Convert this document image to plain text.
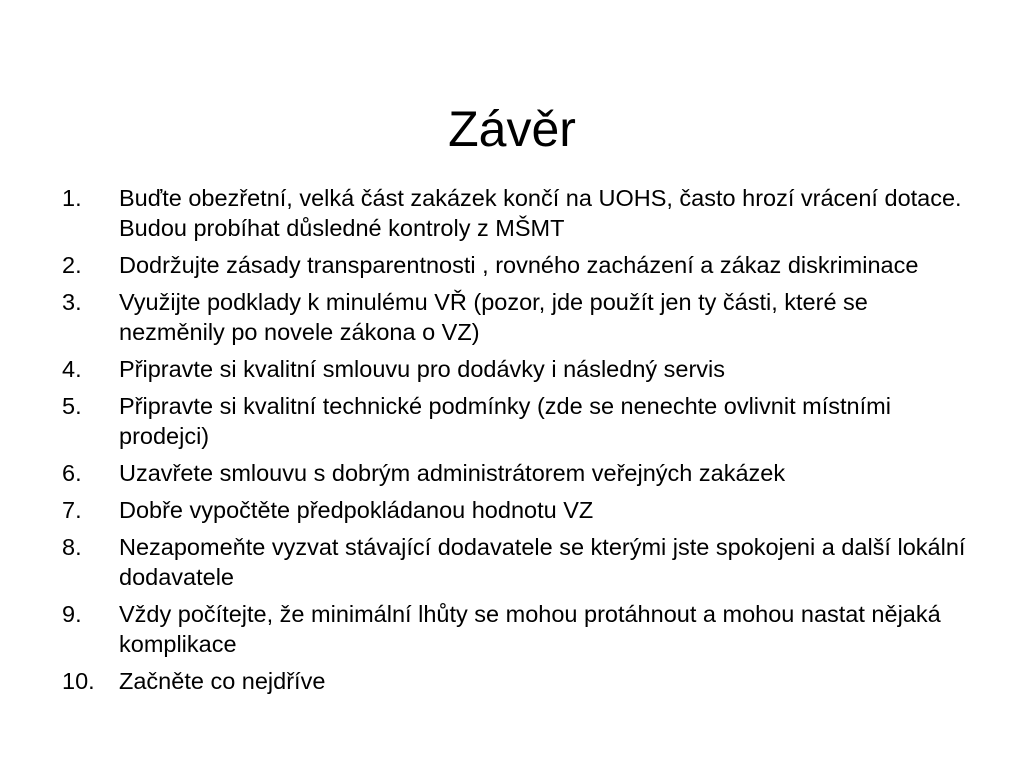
Závěr
1.	Buďte obezřetní, velká část zakázek končí na UOHS, často hrozí vrácení dotace. Budou probíhat důsledné kontroly z MŠMT
2.	Dodržujte zásady transparentnosti , rovného zacházení a zákaz diskriminace
3.	Využijte podklady k minulému VŘ (pozor, jde použít jen ty části, které se nezměnily po novele zákona o VZ)
4.	Připravte si kvalitní smlouvu pro dodávky i následný servis
5.	Připravte si kvalitní technické podmínky (zde se nenechte ovlivnit místními prodejci)
6.	Uzavřete smlouvu s dobrým administrátorem veřejných zakázek
7.	Dobře vypočtěte předpokládanou hodnotu VZ
8.	Nezapomeňte vyzvat stávající dodavatele se kterými jste spokojeni a další lokální dodavatele
9.	Vždy počítejte, že minimální lhůty se mohou protáhnout a mohou nastat nějaká komplikace
10.	Začněte co nejdříve
